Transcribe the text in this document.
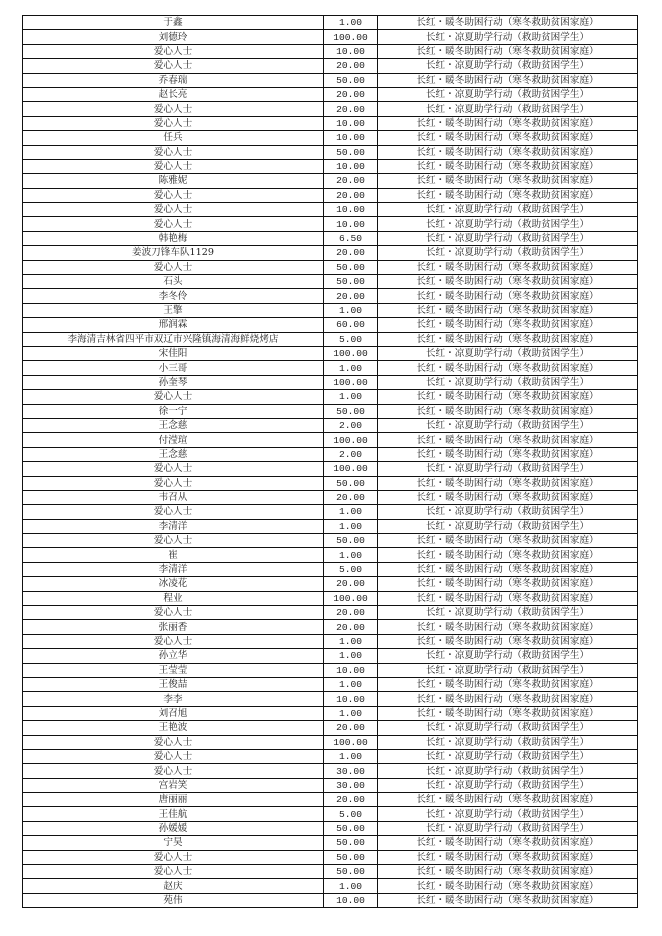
于鑫	1.00	长红・暖冬助困行动（寒冬救助贫困家庭）
刘德玲	100.00	长红・凉夏助学行动（救助贫困学生）
爱心人士	10.00	长红・暖冬助困行动（寒冬救助贫困家庭）
爱心人士	20.00	长红・凉夏助学行动（救助贫困学生）
乔春瑞	50.00	长红・暖冬助困行动（寒冬救助贫困家庭）
赵长亮	20.00	长红・凉夏助学行动（救助贫困学生）
爱心人士	20.00	长红・凉夏助学行动（救助贫困学生）
爱心人士	10.00	长红・暖冬助困行动（寒冬救助贫困家庭）
任兵	10.00	长红・暖冬助困行动（寒冬救助贫困家庭）
爱心人士	50.00	长红・暖冬助困行动（寒冬救助贫困家庭）
爱心人士	10.00	长红・暖冬助困行动（寒冬救助贫困家庭）
陈雅妮	20.00	长红・暖冬助困行动（寒冬救助贫困家庭）
爱心人士	20.00	长红・暖冬助困行动（寒冬救助贫困家庭）
爱心人士	10.00	长红・凉夏助学行动（救助贫困学生）
爱心人士	10.00	长红・凉夏助学行动（救助贫困学生）
韩艳梅	6.50	长红・凉夏助学行动（救助贫困学生）
姜波刀锋车队1129	20.00	长红・凉夏助学行动（救助贫困学生）
爱心人士	50.00	长红・暖冬助困行动（寒冬救助贫困家庭）
石头	50.00	长红・暖冬助困行动（寒冬救助贫困家庭）
李冬伶	20.00	长红・暖冬助困行动（寒冬救助贫困家庭）
王擎	1.00	长红・暖冬助困行动（寒冬救助贫困家庭）
邢润霖	60.00	长红・暖冬助困行动（寒冬救助贫困家庭）
李海清吉林省四平市双辽市兴隆镇海清海鲜烧烤店	5.00	长红・暖冬助困行动（寒冬救助贫困家庭）
宋佳阳	100.00	长红・凉夏助学行动（救助贫困学生）
小三哥	1.00	长红・暖冬助困行动（寒冬救助贫困家庭）
孙奎琴	100.00	长红・凉夏助学行动（救助贫困学生）
爱心人士	1.00	长红・暖冬助困行动（寒冬救助贫困家庭）
徐一宁	50.00	长红・暖冬助困行动（寒冬救助贫困家庭）
王念慈	2.00	长红・凉夏助学行动（救助贫困学生）
付滢瑄	100.00	长红・暖冬助困行动（寒冬救助贫困家庭）
王念慈	2.00	长红・暖冬助困行动（寒冬救助贫困家庭）
爱心人士	100.00	长红・凉夏助学行动（救助贫困学生）
爱心人士	50.00	长红・暖冬助困行动（寒冬救助贫困家庭）
韦召从	20.00	长红・暖冬助困行动（寒冬救助贫困家庭）
爱心人士	1.00	长红・凉夏助学行动（救助贫困学生）
李清洋	1.00	长红・凉夏助学行动（救助贫困学生）
爱心人士	50.00	长红・暖冬助困行动（寒冬救助贫困家庭）
崔	1.00	长红・暖冬助困行动（寒冬救助贫困家庭）
李清洋	5.00	长红・暖冬助困行动（寒冬救助贫困家庭）
冰凌花	20.00	长红・暖冬助困行动（寒冬救助贫困家庭）
程业	100.00	长红・暖冬助困行动（寒冬救助贫困家庭）
爱心人士	20.00	长红・凉夏助学行动（救助贫困学生）
张丽香	20.00	长红・暖冬助困行动（寒冬救助贫困家庭）
爱心人士	1.00	长红・暖冬助困行动（寒冬救助贫困家庭）
孙立华	1.00	长红・凉夏助学行动（救助贫困学生）
王莹莹	10.00	长红・凉夏助学行动（救助贫困学生）
王俊喆	1.00	长红・暖冬助困行动（寒冬救助贫困家庭）
李李	10.00	长红・暖冬助困行动（寒冬救助贫困家庭）
刘召旭	1.00	长红・暖冬助困行动（寒冬救助贫困家庭）
王艳波	20.00	长红・凉夏助学行动（救助贫困学生）
爱心人士	100.00	长红・凉夏助学行动（救助贫困学生）
爱心人士	1.00	长红・凉夏助学行动（救助贫困学生）
爱心人士	30.00	长红・凉夏助学行动（救助贫困学生）
宫岩笑	30.00	长红・凉夏助学行动（救助贫困学生）
唐丽丽	20.00	长红・暖冬助困行动（寒冬救助贫困家庭）
王佳航	5.00	长红・凉夏助学行动（救助贫困学生）
孙媛媛	50.00	长红・凉夏助学行动（救助贫困学生）
宁昊	50.00	长红・暖冬助困行动（寒冬救助贫困家庭）
爱心人士	50.00	长红・暖冬助困行动（寒冬救助贫困家庭）
爱心人士	50.00	长红・暖冬助困行动（寒冬救助贫困家庭）
赵庆	1.00	长红・暖冬助困行动（寒冬救助贫困家庭）
苑伟	10.00	长红・暖冬助困行动（寒冬救助贫困家庭）
